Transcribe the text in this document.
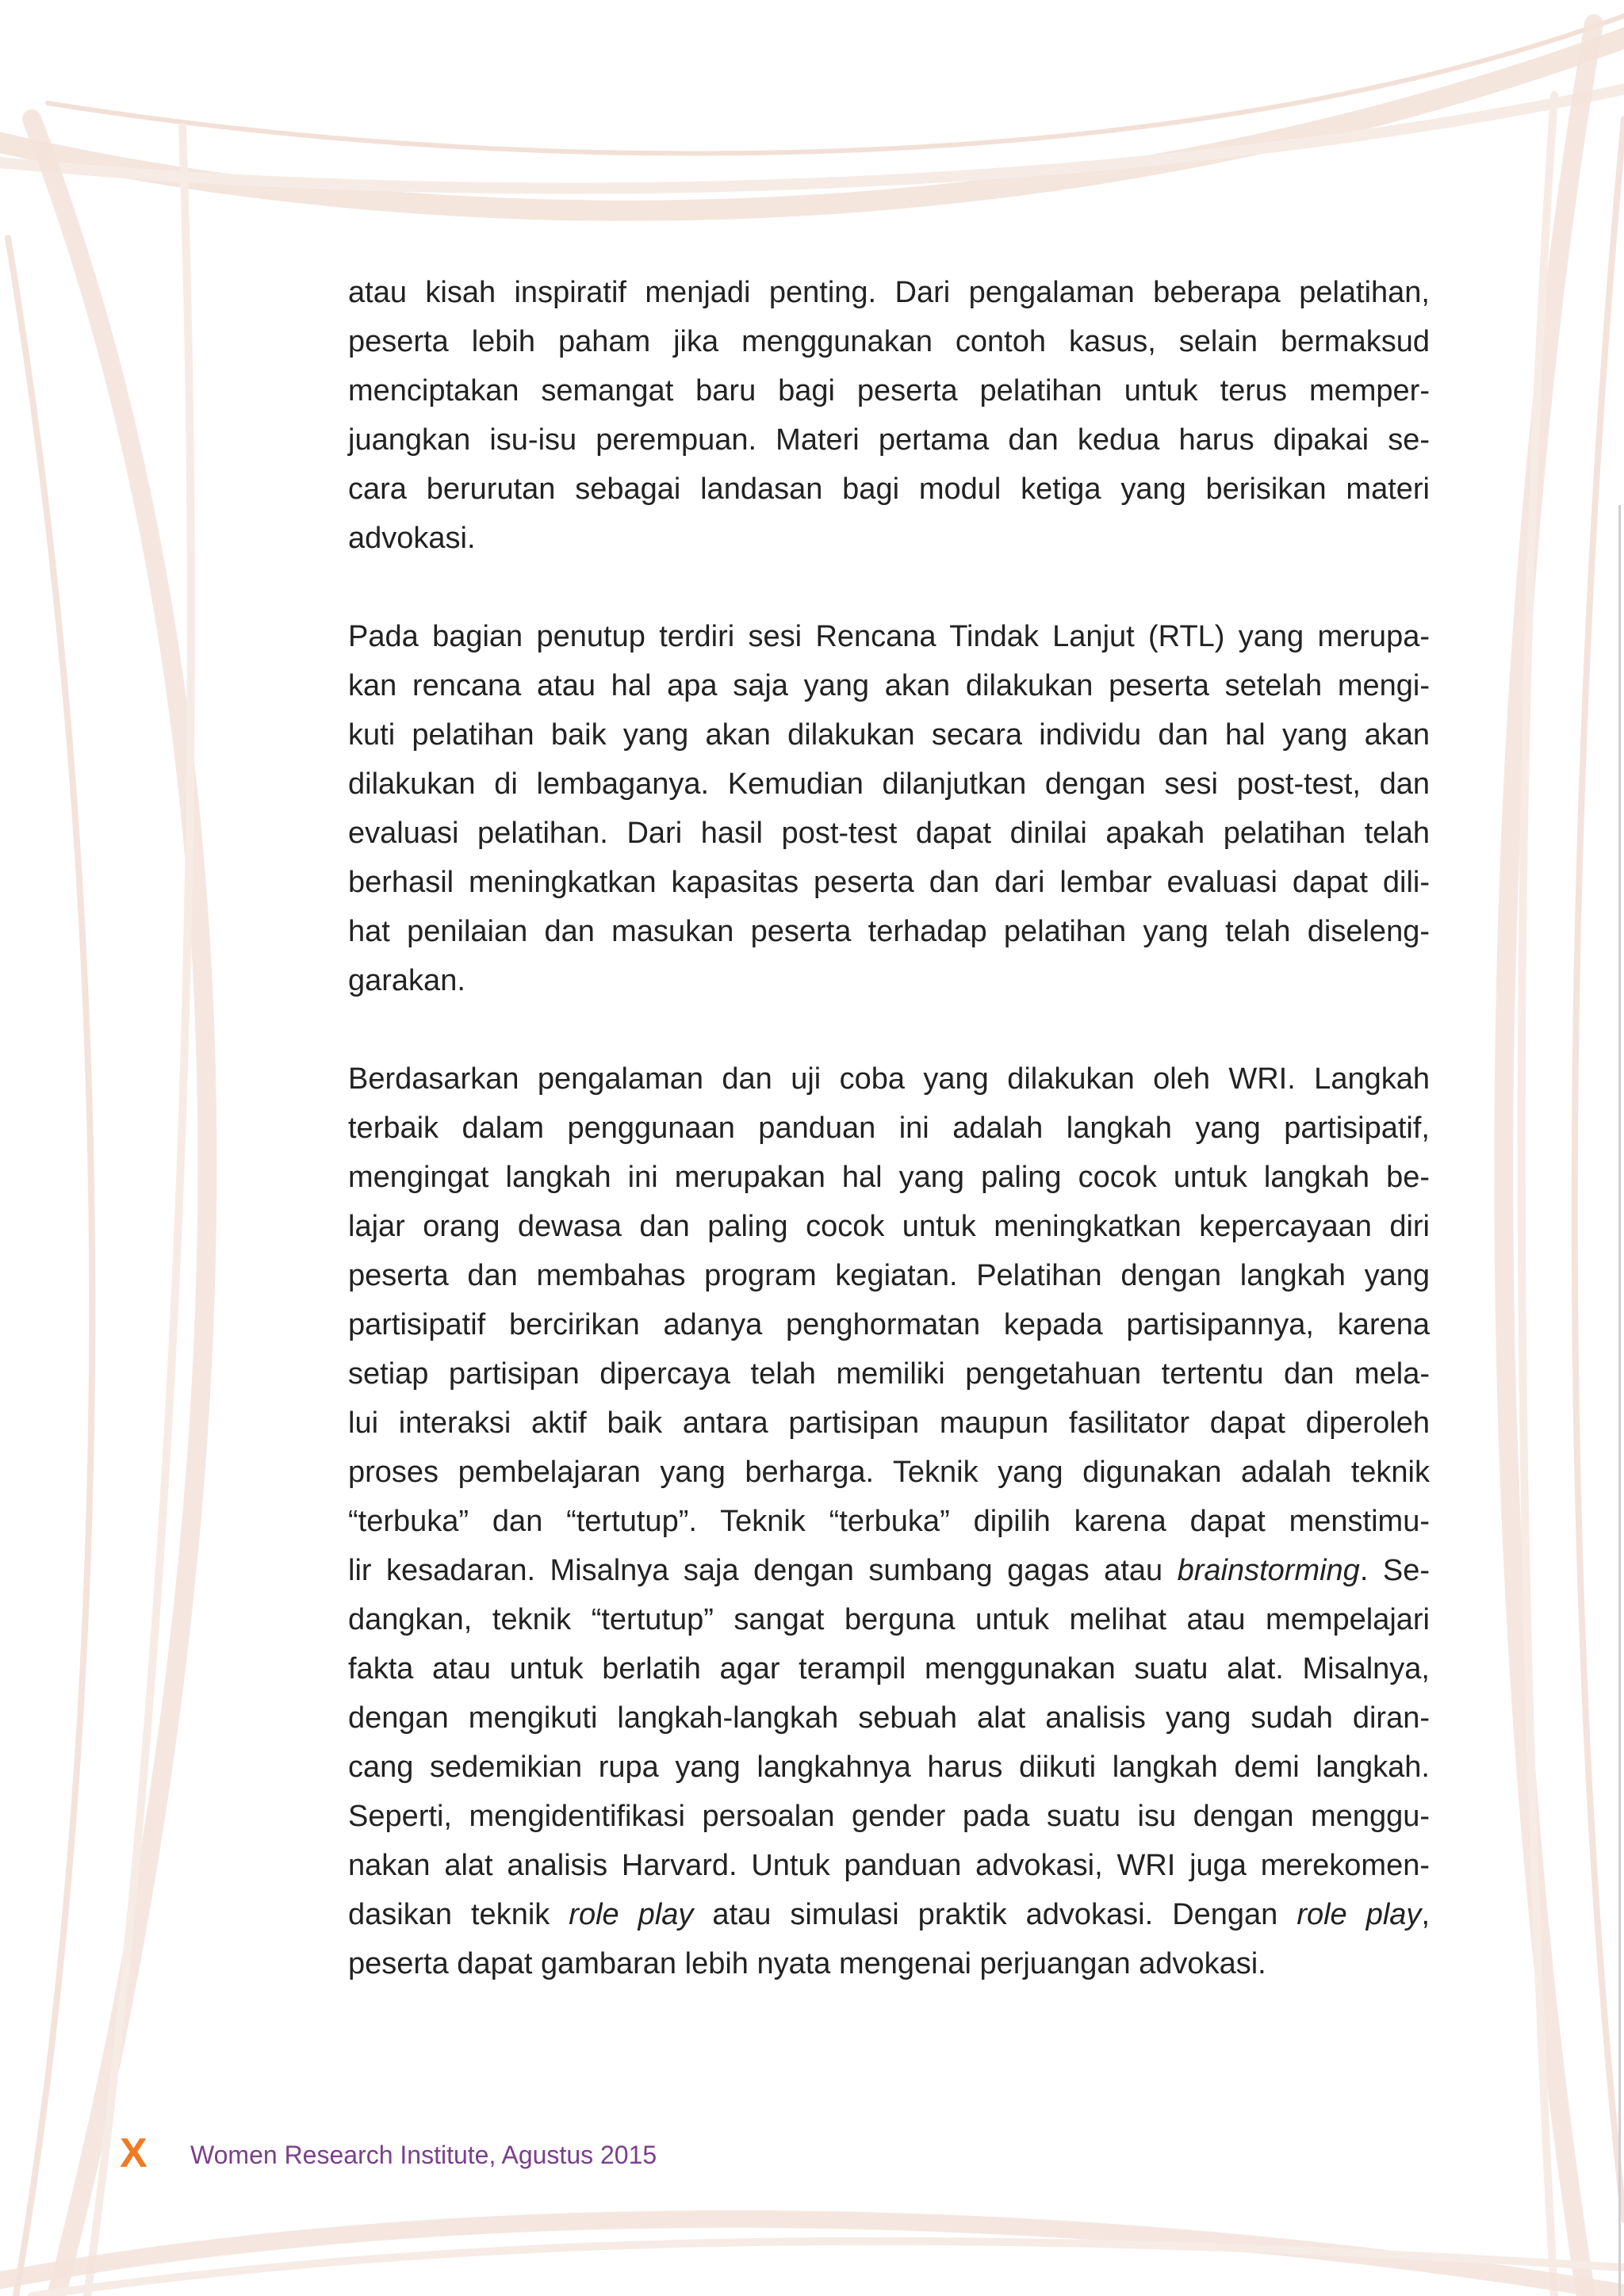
atau kisah inspiratif menjadi penting. Dari pengalaman beberapa pelatihan,
peserta lebih paham jika menggunakan contoh kasus, selain bermaksud
menciptakan semangat baru bagi peserta pelatihan untuk terus memper-
juangkan isu-isu perempuan. Materi pertama dan kedua harus dipakai se-
cara berurutan sebagai landasan bagi modul ketiga yang berisikan materi
advokasi.
Pada bagian penutup terdiri sesi Rencana Tindak Lanjut (RTL) yang merupa-
kan rencana atau hal apa saja yang akan dilakukan peserta setelah mengi-
kuti pelatihan baik yang akan dilakukan secara individu dan hal yang akan
dilakukan di lembaganya. Kemudian dilanjutkan dengan sesi post-test, dan
evaluasi pelatihan. Dari hasil post-test dapat dinilai apakah pelatihan telah
berhasil meningkatkan kapasitas peserta dan dari lembar evaluasi dapat dili-
hat penilaian dan masukan peserta terhadap pelatihan yang telah diseleng-
garakan.
Berdasarkan pengalaman dan uji coba yang dilakukan oleh WRI. Langkah
terbaik dalam penggunaan panduan ini adalah langkah yang partisipatif,
mengingat langkah ini merupakan hal yang paling cocok untuk langkah be-
lajar orang dewasa dan paling cocok untuk meningkatkan kepercayaan diri
peserta dan membahas program kegiatan. Pelatihan dengan langkah yang
partisipatif bercirikan adanya penghormatan kepada partisipannya, karena
setiap partisipan dipercaya telah memiliki pengetahuan tertentu dan mela-
lui interaksi aktif baik antara partisipan maupun fasilitator dapat diperoleh
proses pembelajaran yang berharga. Teknik yang digunakan adalah teknik
“terbuka” dan “tertutup”. Teknik “terbuka” dipilih karena dapat menstimu-
lir kesadaran. Misalnya saja dengan sumbang gagas atau brainstorming. Se-
dangkan, teknik “tertutup” sangat berguna untuk melihat atau mempelajari
fakta atau untuk berlatih agar terampil menggunakan suatu alat. Misalnya,
dengan mengikuti langkah-langkah sebuah alat analisis yang sudah diran-
cang sedemikian rupa yang langkahnya harus diikuti langkah demi langkah.
Seperti, mengidentifikasi persoalan gender pada suatu isu dengan menggu-
nakan alat analisis Harvard. Untuk panduan advokasi, WRI juga merekomen-
dasikan teknik role play atau simulasi praktik advokasi. Dengan role play,
peserta dapat gambaran lebih nyata mengenai perjuangan advokasi.
X Women Research Institute, Agustus 2015
